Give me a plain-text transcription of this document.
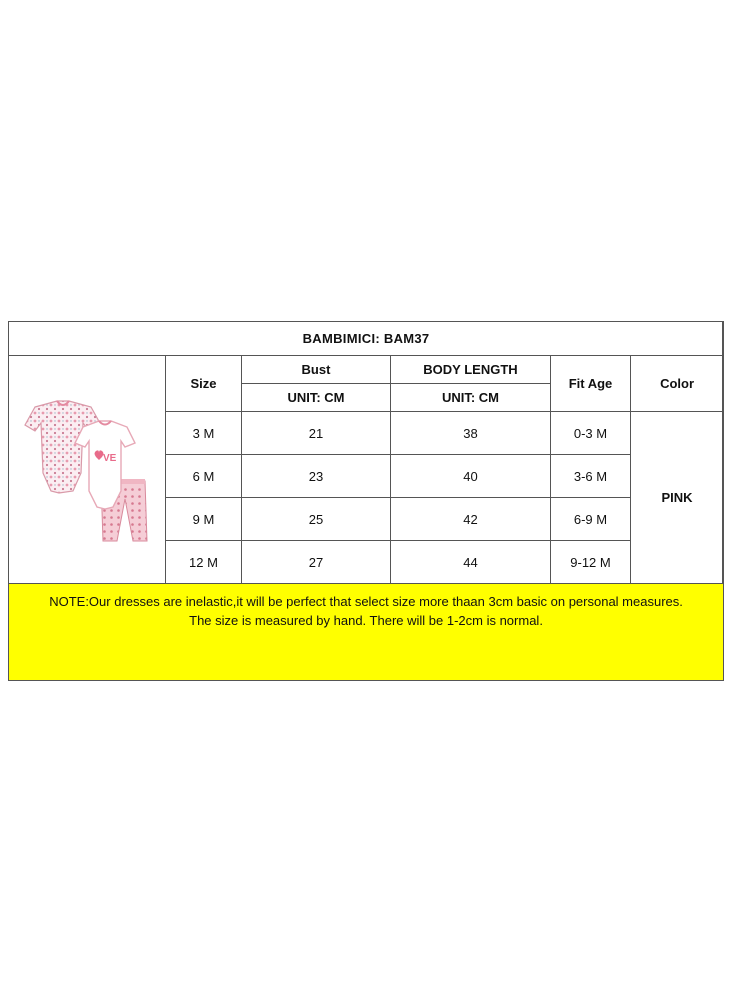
BAMBIMICI: BAM37					

VE	Size	Bust	BODY LENGTH	Fit Age	Color
		UNIT: CM	UNIT: CM		
	3 M	21	38	0-3 M	PINK
	6 M	23	40	3-6 M	
	9 M	25	42	6-9 M	
	12 M	27	44	9-12 M	

NOTE:Our dresses are inelastic,it will be perfect that select size more thaan 3cm basic on personal measures.
The size is measured by hand. There will be 1-2cm is normal.					
